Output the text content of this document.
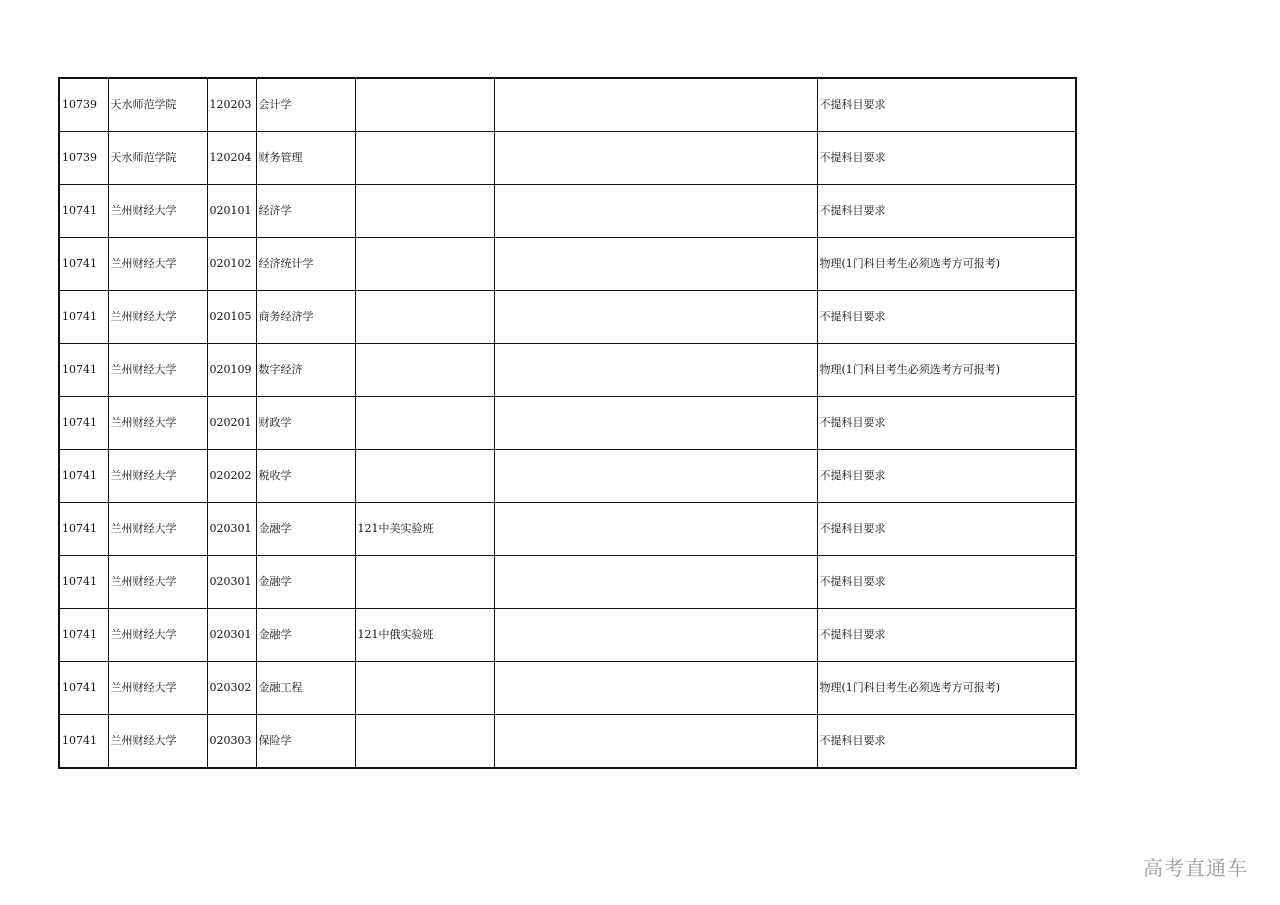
10739	天水师范学院	120203	会计学			不提科目要求
10739	天水师范学院	120204	财务管理			不提科目要求
10741	兰州财经大学	020101	经济学			不提科目要求
10741	兰州财经大学	020102	经济统计学			物理(1门科目考生必须选考方可报考)
10741	兰州财经大学	020105	商务经济学			不提科目要求
10741	兰州财经大学	020109	数字经济			物理(1门科目考生必须选考方可报考)
10741	兰州财经大学	020201	财政学			不提科目要求
10741	兰州财经大学	020202	税收学			不提科目要求
10741	兰州财经大学	020301	金融学	121中美实验班		不提科目要求
10741	兰州财经大学	020301	金融学			不提科目要求
10741	兰州财经大学	020301	金融学	121中俄实验班		不提科目要求
10741	兰州财经大学	020302	金融工程			物理(1门科目考生必须选考方可报考)
10741	兰州财经大学	020303	保险学			不提科目要求
高考直通车
